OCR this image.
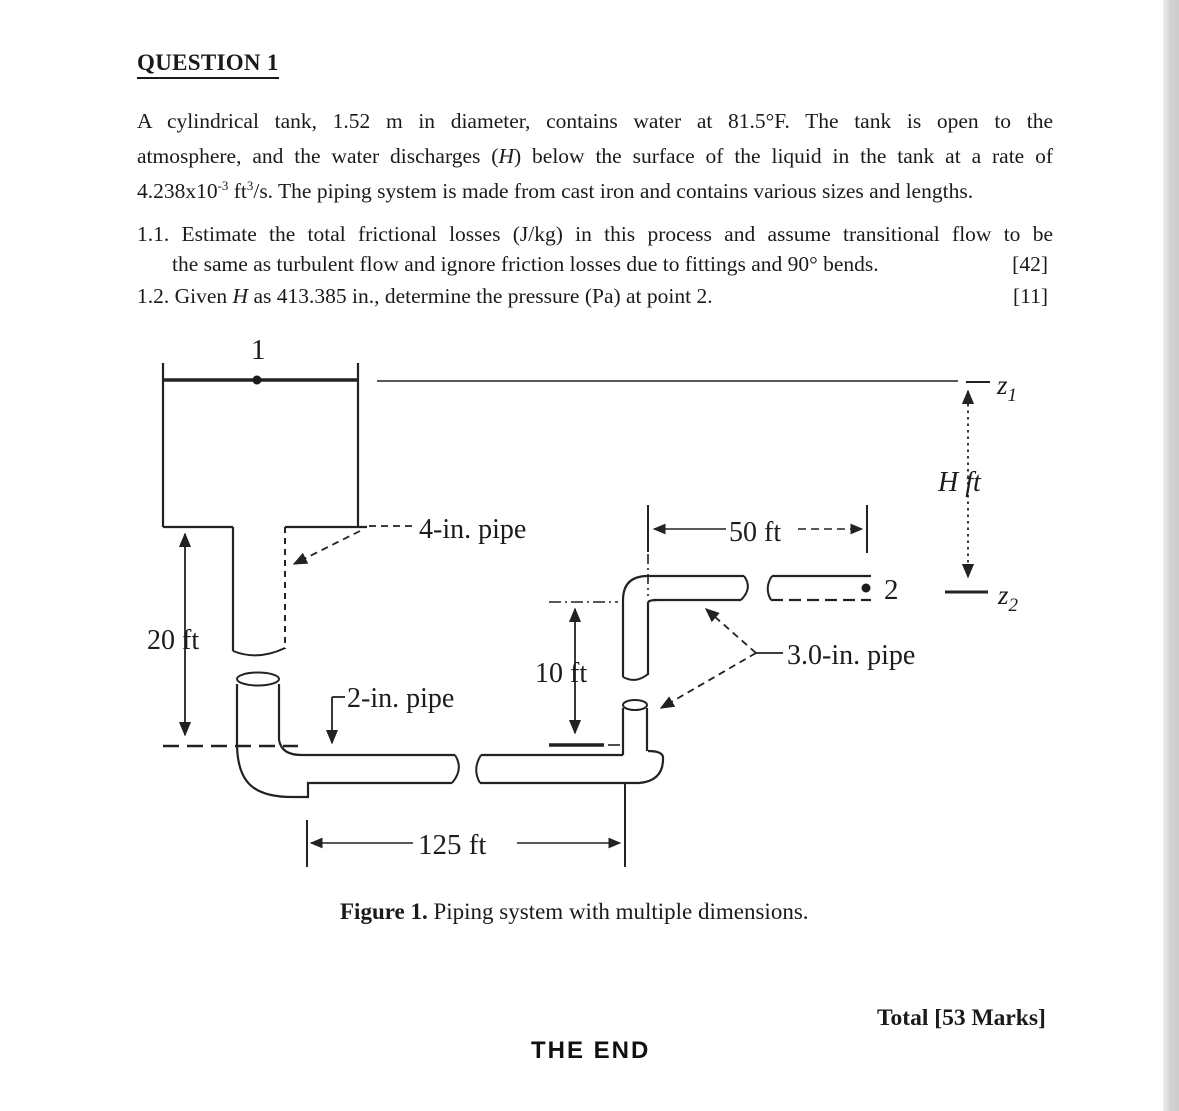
QUESTION 1
A cylindrical tank, 1.52 m in diameter, contains water at 81.5°F. The tank is open to the
atmosphere, and the water discharges (H) below the surface of the liquid in the tank at a rate of
$4.238x10^{-3}$ $ft^3/s$. The piping system is made from cast iron and contains various sizes and lengths.
1.1. Estimate the total frictional losses (J/kg) in this process and assume transitional flow to be
the same as turbulent flow and ignore friction losses due to fittings and 90° bends.	[42]
1.2. Given H as 413.385 in., determine the pressure (Pa) at point 2.	[11]
1
4-in. pipe
20 ft
2-in. pipe
2
3.0-in. pipe
50 ft
H ft
$z_1$
$z_2$
10 ft
125 ft
Figure 1. Piping system with multiple dimensions.
Total [53 Marks]
THE END
